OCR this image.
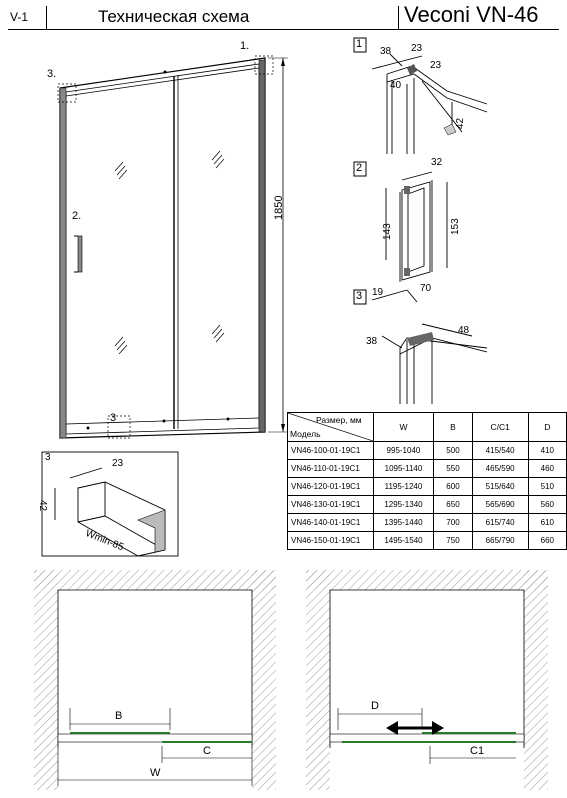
V-1	Техническая схема	Veconi VN-46
1.
3.
2.
3
1850
1
38 23
23
40
42
2	32
143	153
3 19	70
38
48
Размер, мм
Модель	W	B	C/C1	D
VN46-100-01-19C1	995-1040	500	415/540	410
VN46-110-01-19C1	1095-1140	550	465/590	460
VN46-120-01-19C1	1195-1240	600	515/640	510
VN46-130-01-19C1	1295-1340	650	565/690	560
VN46-140-01-19C1	1395-1440	700	615/740	610
VN46-150-01-19C1	1495-1540	750	665/790	660
3
23
42
Wmin-85
B
C
W
D
C1
